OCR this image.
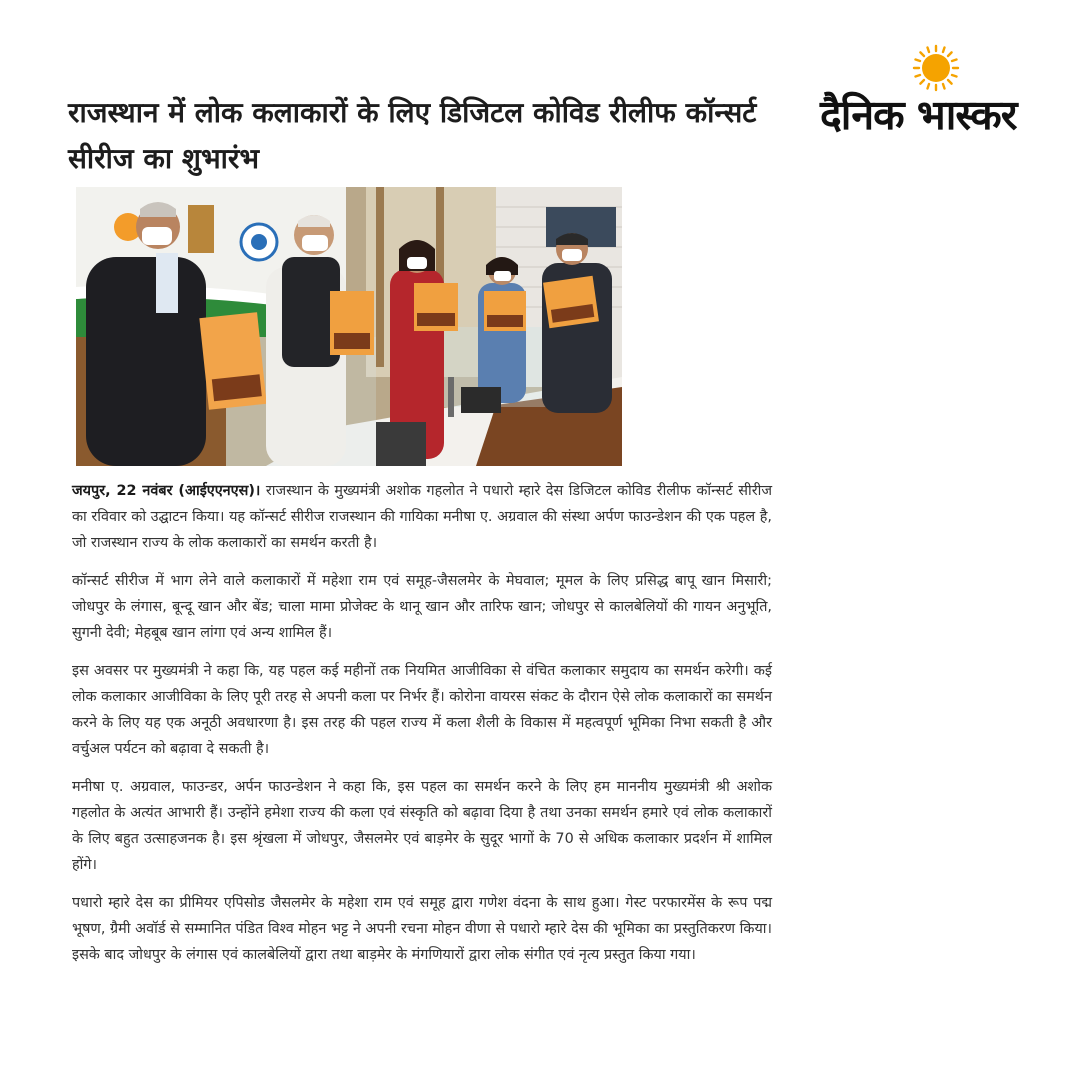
राजस्थान में लोक कलाकारों के लिए डिजिटल कोविड रीलीफ कॉन्सर्ट सीरीज का शुभारंभ
दैनिक भास्कर

जयपुर, 22 नवंबर (आईएएनएस)। राजस्थान के मुख्यमंत्री अशोक गहलोत ने पधारो म्हारे देस डिजिटल कोविड रीलीफ कॉन्सर्ट सीरीज का रविवार को उद्घाटन किया। यह कॉन्सर्ट सीरीज राजस्थान की गायिका मनीषा ए. अग्रवाल की संस्था अर्पण फाउन्डेशन की एक पहल है, जो राजस्थान राज्य के लोक कलाकारों का समर्थन करती है।

कॉन्सर्ट सीरीज में भाग लेने वाले कलाकारों में महेशा राम एवं समूह-जैसलमेर के मेघवाल; मूमल के लिए प्रसिद्ध बापू खान मिसारी; जोधपुर के लंगास, बून्दू खान और बेंड; चाला मामा प्रोजेक्ट के थानू खान और तारिफ खान; जोधपुर से कालबेलियों की गायन अनुभूति, सुगनी देवी; मेहबूब खान लांगा एवं अन्य शामिल हैं।

इस अवसर पर मुख्यमंत्री ने कहा कि, यह पहल कई महीनों तक नियमित आजीविका से वंचित कलाकार समुदाय का समर्थन करेगी। कई लोक कलाकार आजीविका के लिए पूरी तरह से अपनी कला पर निर्भर हैं। कोरोना वायरस संकट के दौरान ऐसे लोक कलाकारों का समर्थन करने के लिए यह एक अनूठी अवधारणा है। इस तरह की पहल राज्य में कला शैली के विकास में महत्वपूर्ण भूमिका निभा सकती है और वर्चुअल पर्यटन को बढ़ावा दे सकती है।

मनीषा ए. अग्रवाल, फाउन्डर, अर्पन फाउन्डेशन ने कहा कि, इस पहल का समर्थन करने के लिए हम माननीय मुख्यमंत्री श्री अशोक गहलोत के अत्यंत आभारी हैं। उन्होंने हमेशा राज्य की कला एवं संस्कृति को बढ़ावा दिया है तथा उनका समर्थन हमारे एवं लोक कलाकारों के लिए बहुत उत्साहजनक है। इस श्रृंखला में जोधपुर, जैसलमेर एवं बाड़मेर के सुदूर भागों के 70 से अधिक कलाकार प्रदर्शन में शामिल होंगे।

पधारो म्हारे देस का प्रीमियर एपिसोड जैसलमेर के महेशा राम एवं समूह द्वारा गणेश वंदना के साथ हुआ। गेस्ट परफारमेंस के रूप पद्म भूषण, ग्रैमी अवॉर्ड से सम्मानित पंडित विश्व मोहन भट्ट ने अपनी रचना मोहन वीणा से पधारो म्हारे देस की भूमिका का प्रस्तुतिकरण किया। इसके बाद जोधपुर के लंगास एवं कालबेलियों द्वारा तथा बाड़मेर के मंगणियारों द्वारा लोक संगीत एवं नृत्य प्रस्तुत किया गया।
